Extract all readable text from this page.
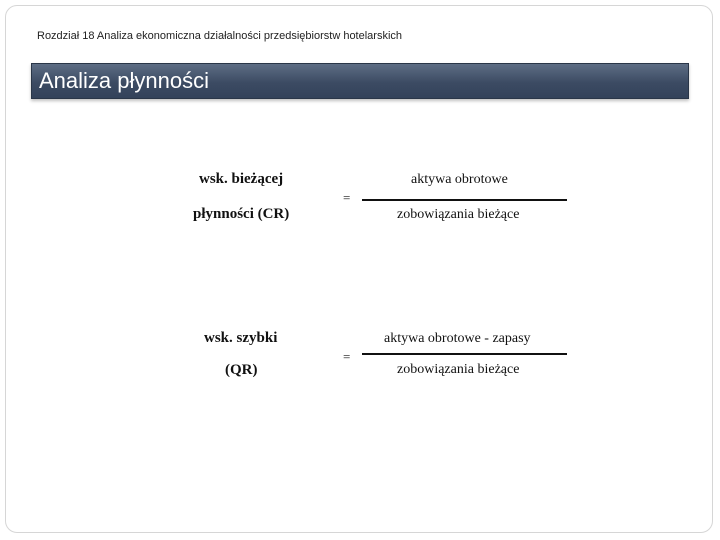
Rozdział 18 Analiza ekonomiczna działalności przedsiębiorstw hotelarskich
Analiza płynności
wsk. bieżącej
płynności (CR)
=
aktywa obrotowe
zobowiązania bieżące
wsk. szybki
(QR)
=
aktywa obrotowe - zapasy
zobowiązania bieżące
